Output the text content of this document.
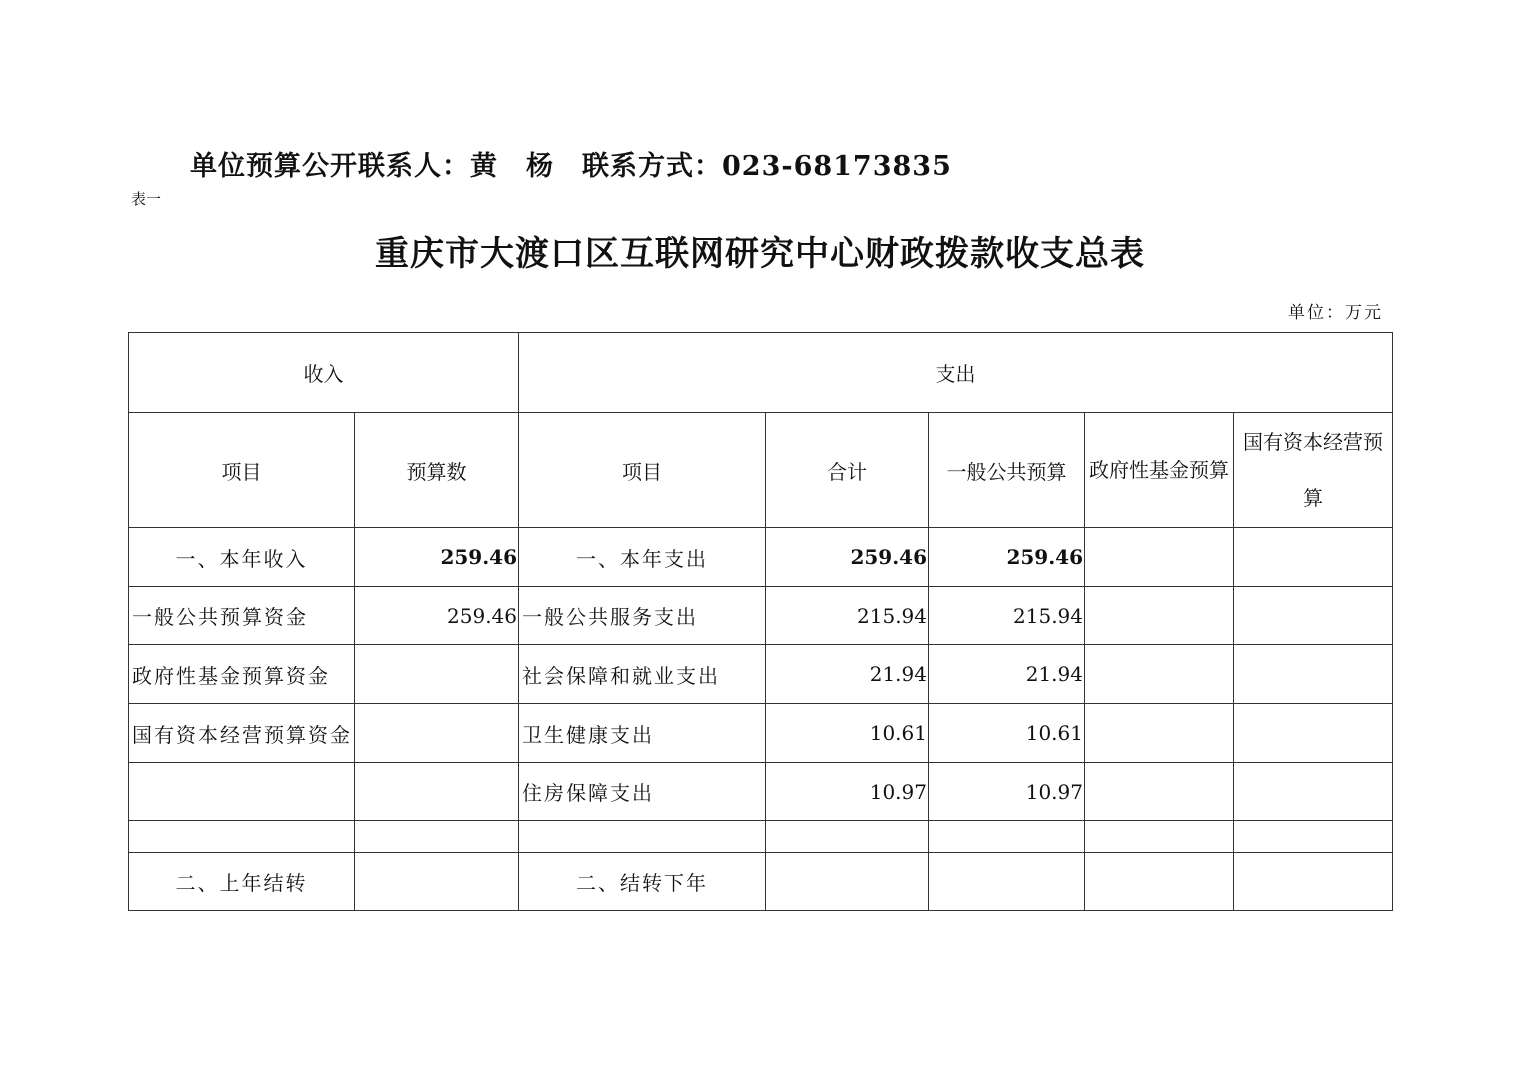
单位预算公开联系人：黄　杨 联系方式：023-68173835
表一
重庆市大渡口区互联网研究中心财政拨款收支总表
单位：万元
收入		支出				
项目	预算数	项目	合计	一般公共预算	政府性基金预算	国有资本经营预算
一、本年收入	259.46	一、本年支出	259.46	259.46		
一般公共预算资金	259.46	一般公共服务支出	215.94	215.94		
政府性基金预算资金		社会保障和就业支出	21.94	21.94		
国有资本经营预算资金		卫生健康支出	10.61	10.61		
		住房保障支出	10.97	10.97		

二、上年结转		二、结转下年				
